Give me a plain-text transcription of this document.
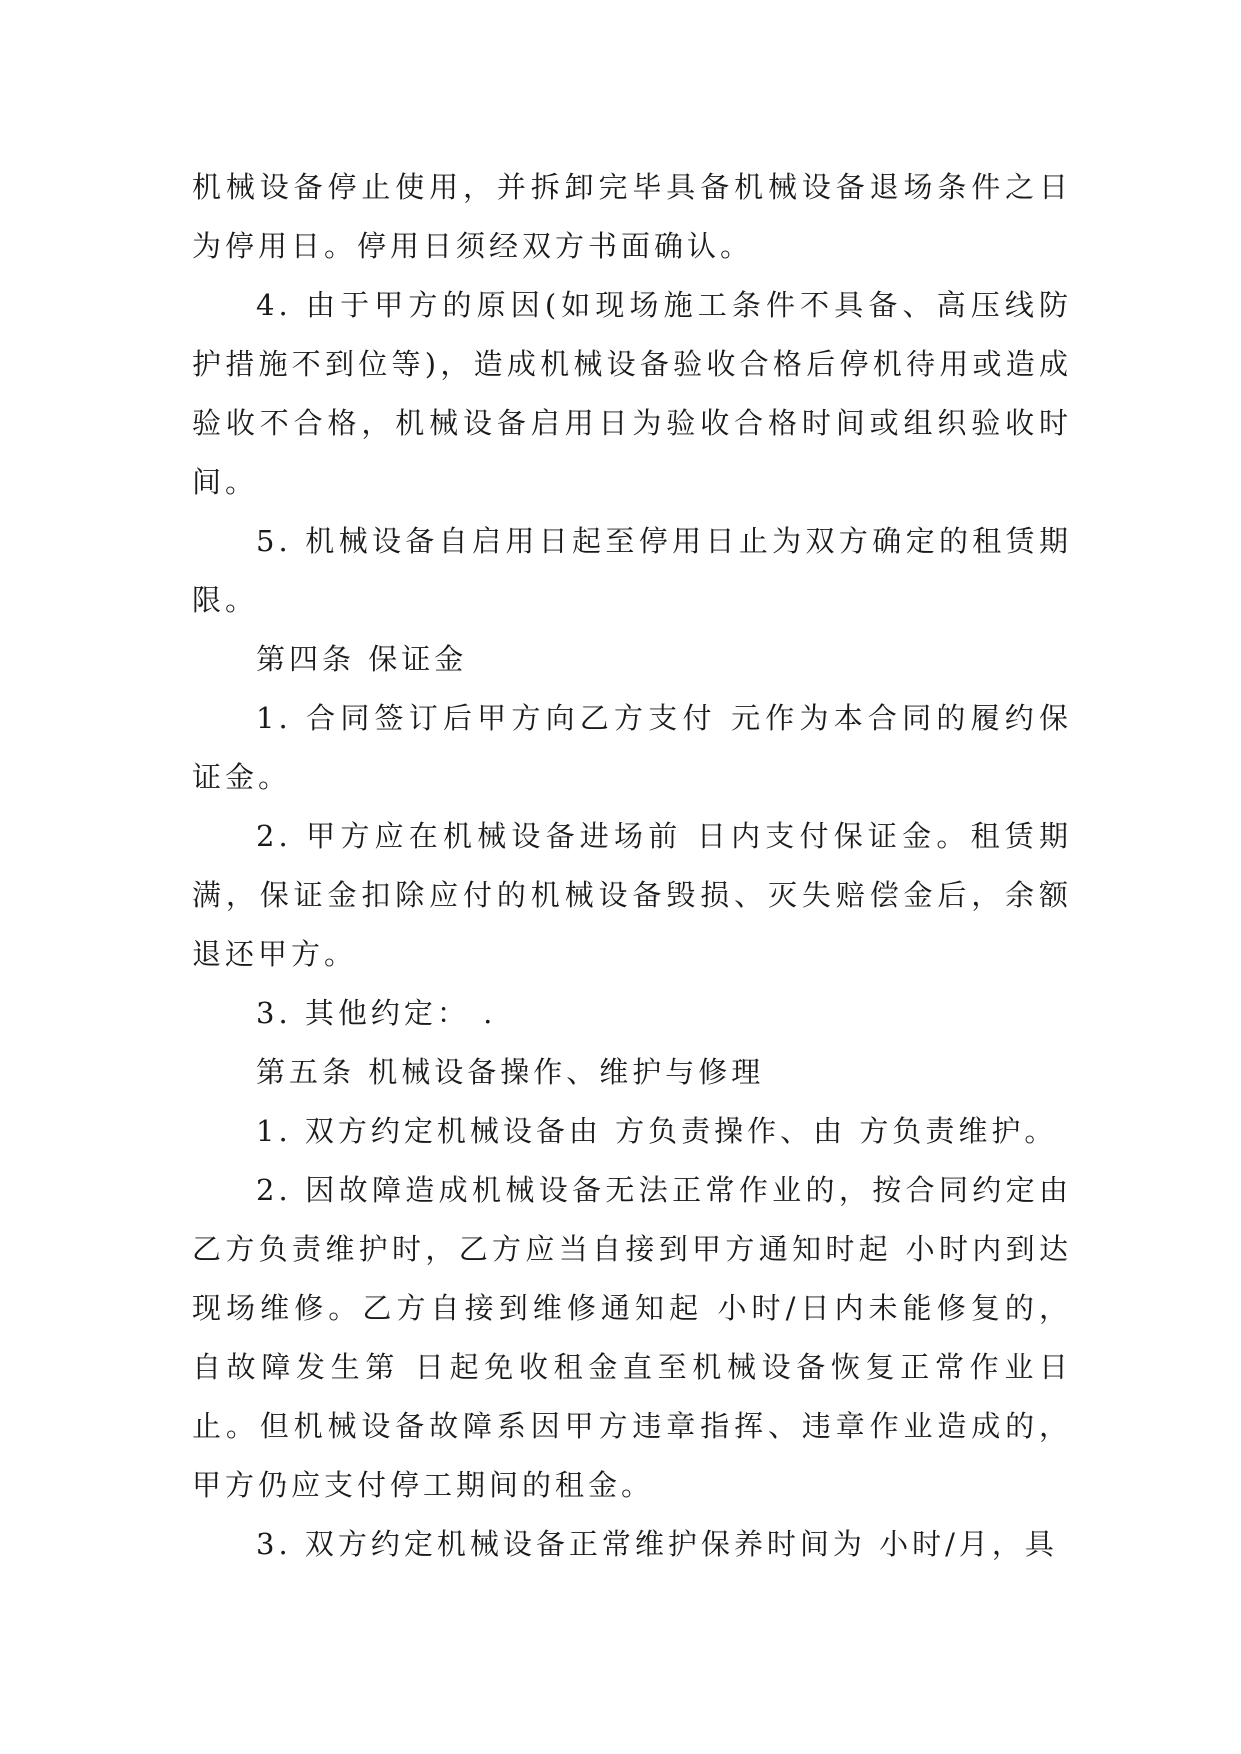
机械设备停止使用，并拆卸完毕具备机械设备退场条件之日为停用日。停用日须经双方书面确认。

4. 由于甲方的原因(如现场施工条件不具备、高压线防护措施不到位等)，造成机械设备验收合格后停机待用或造成验收不合格，机械设备启用日为验收合格时间或组织验收时间。

5. 机械设备自启用日起至停用日止为双方确定的租赁期限。

第四条 保证金

1. 合同签订后甲方向乙方支付 元作为本合同的履约保证金。

2. 甲方应在机械设备进场前 日内支付保证金。租赁期满，保证金扣除应付的机械设备毁损、灭失赔偿金后，余额退还甲方。

3. 其他约定： .

第五条 机械设备操作、维护与修理

1. 双方约定机械设备由 方负责操作、由 方负责维护。

2. 因故障造成机械设备无法正常作业的，按合同约定由乙方负责维护时，乙方应当自接到甲方通知时起 小时内到达现场维修。乙方自接到维修通知起 小时/日内未能修复的，自故障发生第 日起免收租金直至机械设备恢复正常作业日止。但机械设备故障系因甲方违章指挥、违章作业造成的，甲方仍应支付停工期间的租金。

3. 双方约定机械设备正常维护保养时间为 小时/月，具
